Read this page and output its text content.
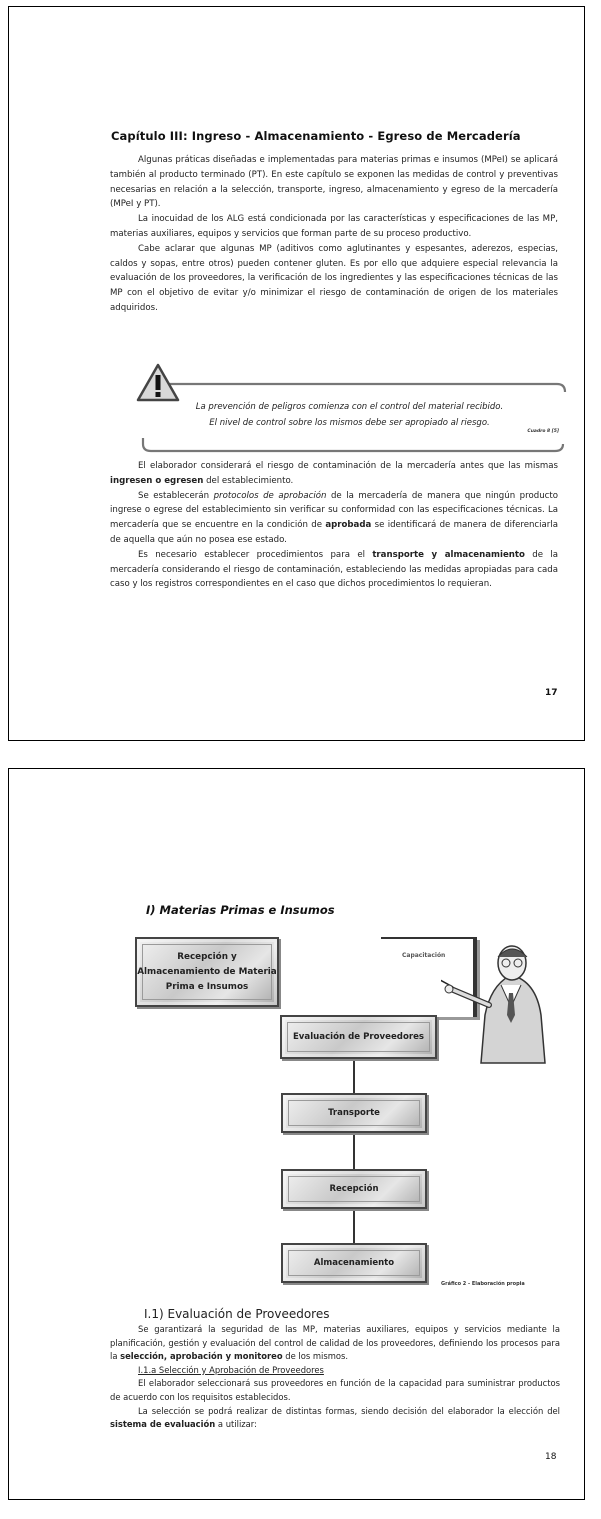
Capítulo III: Ingreso - Almacenamiento - Egreso de Mercadería

Algunas práticas diseñadas e implementadas para materias primas e insumos (MPeI) se aplicará también al producto terminado (PT). En este capítulo se exponen las medidas de control y preventivas necesarias en relación a la selección, transporte, ingreso, almacenamiento y egreso de la mercadería (MPeI y PT).

La inocuidad de los ALG está condicionada por las características y especificaciones de las MP, materias auxiliares, equipos y servicios que forman parte de su proceso productivo.

Cabe aclarar que algunas MP (aditivos como aglutinantes y espesantes, aderezos, especias, caldos y sopas, entre otros) pueden contener gluten. Es por ello que adquiere especial relevancia la evaluación de los proveedores, la verificación de los ingredientes y las especificaciones técnicas de las MP con el objetivo de evitar y/o minimizar el riesgo de contaminación de origen de los materiales adquiridos.

La prevención de peligros comienza con el control del material recibido.
El nivel de control sobre los mismos debe ser apropiado al riesgo.
Cuadro 8 [5]

El elaborador considerará el riesgo de contaminación de la mercadería antes que las mismas ingresen o egresen del establecimiento.

Se establecerán protocolos de aprobación de la mercadería de manera que ningún producto ingrese o egrese del establecimiento sin verificar su conformidad con las especificaciones técnicas. La mercadería que se encuentre en la condición de aprobada se identificará de manera de diferenciarla de aquella que aún no posea ese estado.

Es necesario establecer procedimientos para el transporte y almacenamiento de la mercadería considerando el riesgo de contaminación, estableciendo las medidas apropiadas para cada caso y los registros correspondientes en el caso que dichos procedimientos lo requieran.

17
I) Materias Primas e Insumos
Capacitación
Recepción y
Almacenamiento de Materia
Prima e Insumos
Evaluación de Proveedores
Transporte
Recepción
Almacenamiento
Gráfico 2 - Elaboración propia
I.1) Evaluación de Proveedores

Se garantizará la seguridad de las MP, materias auxiliares, equipos y servicios mediante la planificación, gestión y evaluación del control de calidad de los proveedores, definiendo los procesos para la selección, aprobación y monitoreo de los mismos.

I.1.a Selección y Aprobación de Proveedores

El elaborador seleccionará sus proveedores en función de la capacidad para suministrar productos de acuerdo con los requisitos establecidos.

La selección se podrá realizar de distintas formas, siendo decisión del elaborador la elección del sistema de evaluación a utilizar:

18
